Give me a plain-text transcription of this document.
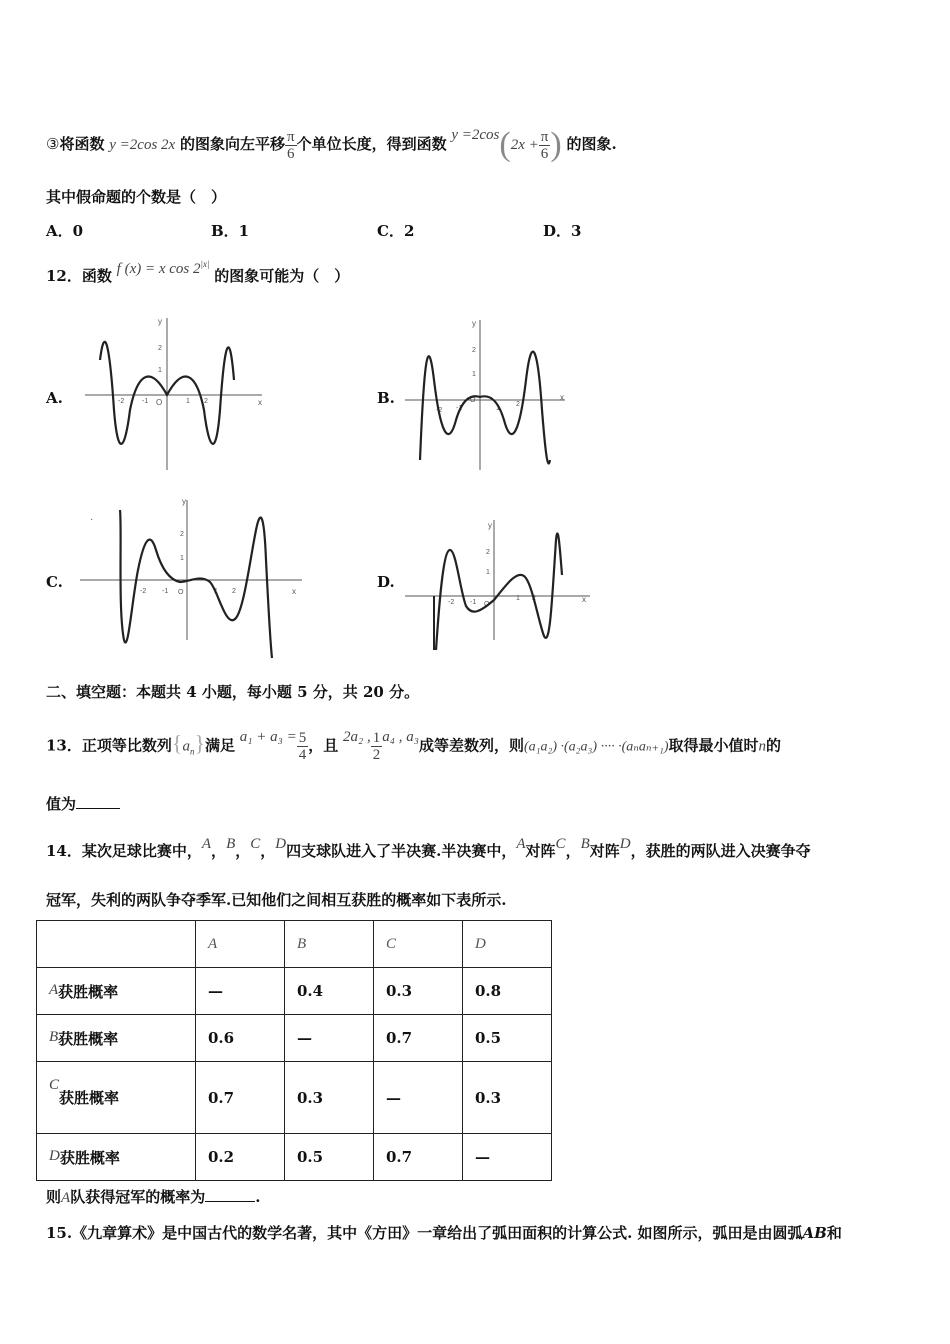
③将函数 y =2cos 2x 的图象向左平移 $\frac{\pi}{6}$ 个单位长度，得到函数 $y =2\cos(2x + \frac{\pi}{6}$ ) 的图象.
其中假命题的个数是（　）
A．0	B．1	C．2	D．3
12．函数 f (x) = x $\cos 2^{|x|}$ 的图象可能为（　）
A.	B.
C.	D.
y
x
O
-2	-1	1 2
2
1
y
x
O
-2 -1	1
2
2
1
·
y
x
O
-2 -1	1 2
2
1
y
x
O
-2 -1
1 2
2
1
二、填空题：本题共 4 小题，每小题 5 分，共 20 分。
13．正项等比数列$\{a_n\}$满足 $a_1 + a_3 = \frac{5}{4}$ ，且 2a₂ , $\frac{1}{2} a_4$ , a₃成等差数列，则(a₁a₂) ·(a₂a₃) ···· ·(aₙaₙ₊₁)取得最小值时n的
值为
14．某次足球比赛中，A，B，C，D四支球队进入了半决赛.半决赛中，A对阵C，B对阵D，获胜的两队进入决赛争夺
冠军，失利的两队争夺季军.已知他们之间相互获胜的概率如下表所示.
	A	B	C	D
A获胜概率	—	0.4	0.3	0.8
B获胜概率	0.6	—	0.7	0.5
C获胜概率	0.7	0.3	—	0.3
D获胜概率	0.2	0.5	0.7	—
则A队获得冠军的概率为	.
15.《九章算术》是中国古代的数学名著，其中《方田》一章给出了弧田面积的计算公式. 如图所示，弧田是由圆弧AB和
